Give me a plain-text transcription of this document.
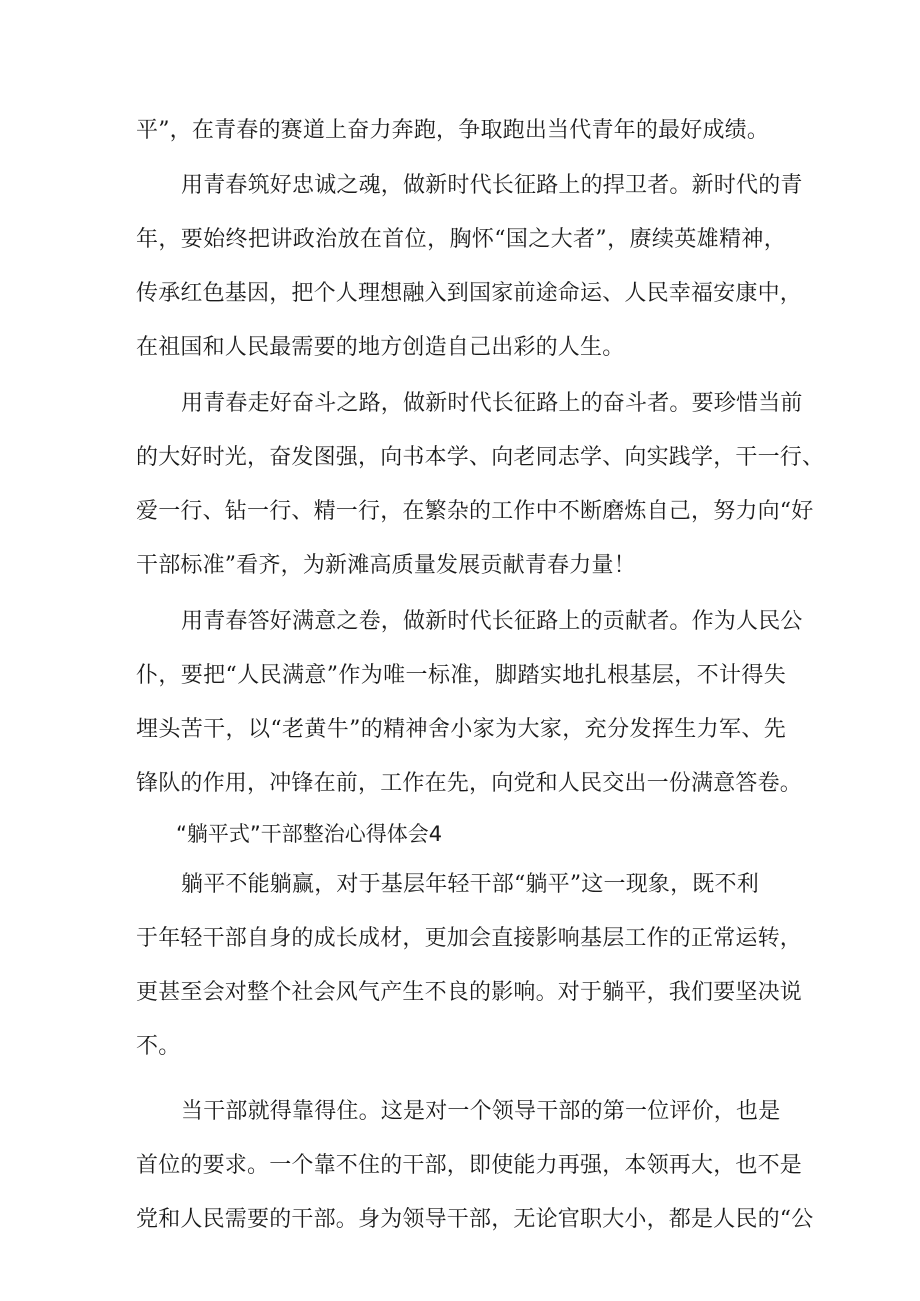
平”，在青春的赛道上奋力奔跑，争取跑出当代青年的最好成绩。
用青春筑好忠诚之魂，做新时代长征路上的捍卫者。新时代的青
年，要始终把讲政治放在首位，胸怀“国之大者”，赓续英雄精神，
传承红色基因，把个人理想融入到国家前途命运、人民幸福安康中，
在祖国和人民最需要的地方创造自己出彩的人生。
用青春走好奋斗之路，做新时代长征路上的奋斗者。要珍惜当前
的大好时光，奋发图强，向书本学、向老同志学、向实践学，干一行、
爱一行、钻一行、精一行，在繁杂的工作中不断磨炼自己，努力向“好
干部标准”看齐，为新滩高质量发展贡献青春力量！
用青春答好满意之卷，做新时代长征路上的贡献者。作为人民公
仆，要把“人民满意”作为唯一标准，脚踏实地扎根基层，不计得失
埋头苦干，以“老黄牛”的精神舍小家为大家，充分发挥生力军、先
锋队的作用，冲锋在前，工作在先，向党和人民交出一份满意答卷。
“躺平式”干部整治心得体会4
躺平不能躺赢，对于基层年轻干部“躺平”这一现象，既不利
于年轻干部自身的成长成材，更加会直接影响基层工作的正常运转，
更甚至会对整个社会风气产生不良的影响。对于躺平，我们要坚决说
不。
当干部就得靠得住。这是对一个领导干部的第一位评价，也是
首位的要求。一个靠不住的干部，即使能力再强，本领再大，也不是
党和人民需要的干部。身为领导干部，无论官职大小，都是人民的“公
